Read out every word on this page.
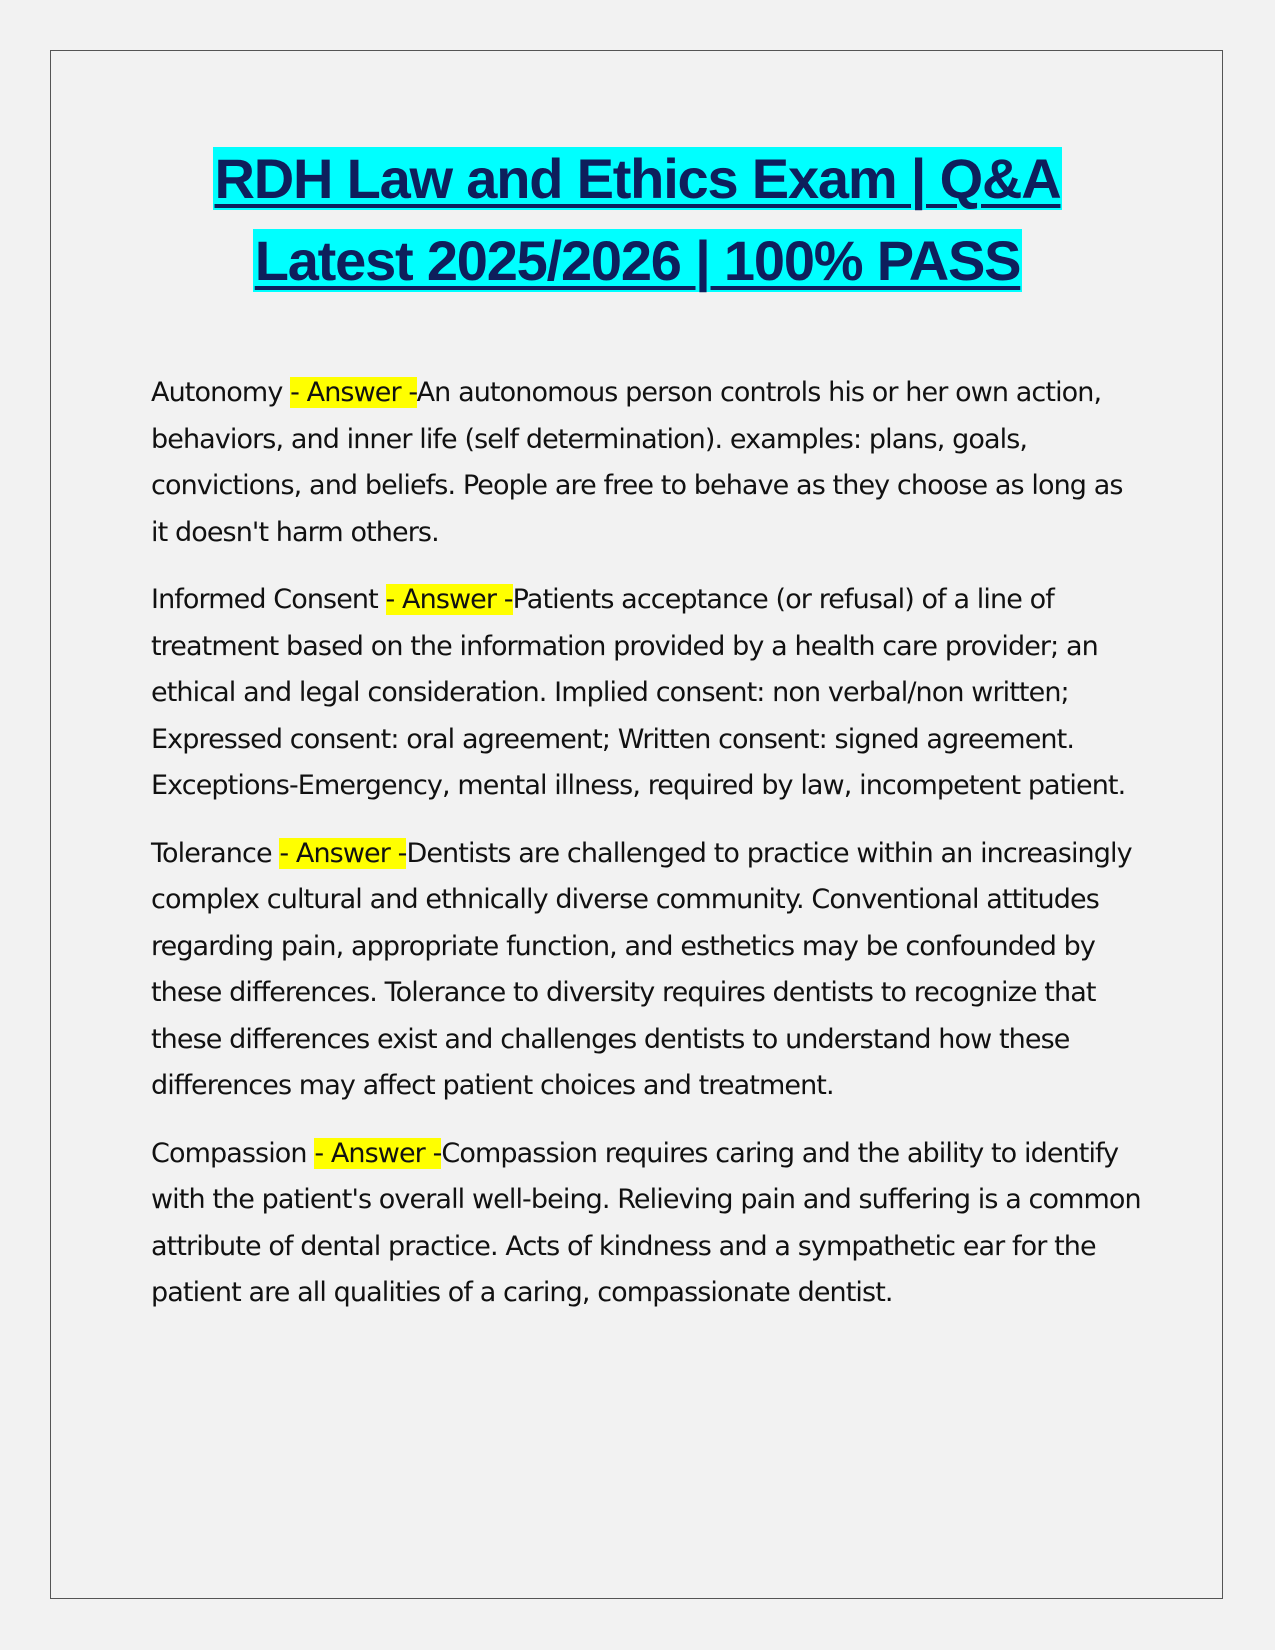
RDH Law and Ethics Exam | Q&A
Latest 2025/2026 | 100% PASS

Autonomy - Answer -An autonomous person controls his or her own action, behaviors, and inner life (self determination). examples: plans, goals, convictions, and beliefs. People are free to behave as they choose as long as it doesn't harm others.

Informed Consent - Answer -Patients acceptance (or refusal) of a line of treatment based on the information provided by a health care provider; an ethical and legal consideration. Implied consent: non verbal/non written; Expressed consent: oral agreement; Written consent: signed agreement. Exceptions-Emergency, mental illness, required by law, incompetent patient.

Tolerance - Answer -Dentists are challenged to practice within an increasingly complex cultural and ethnically diverse community. Conventional attitudes regarding pain, appropriate function, and esthetics may be confounded by these differences. Tolerance to diversity requires dentists to recognize that these differences exist and challenges dentists to understand how these differences may affect patient choices and treatment.

Compassion - Answer -Compassion requires caring and the ability to identify with the patient's overall well-being. Relieving pain and suffering is a common attribute of dental practice. Acts of kindness and a sympathetic ear for the patient are all qualities of a caring, compassionate dentist.
